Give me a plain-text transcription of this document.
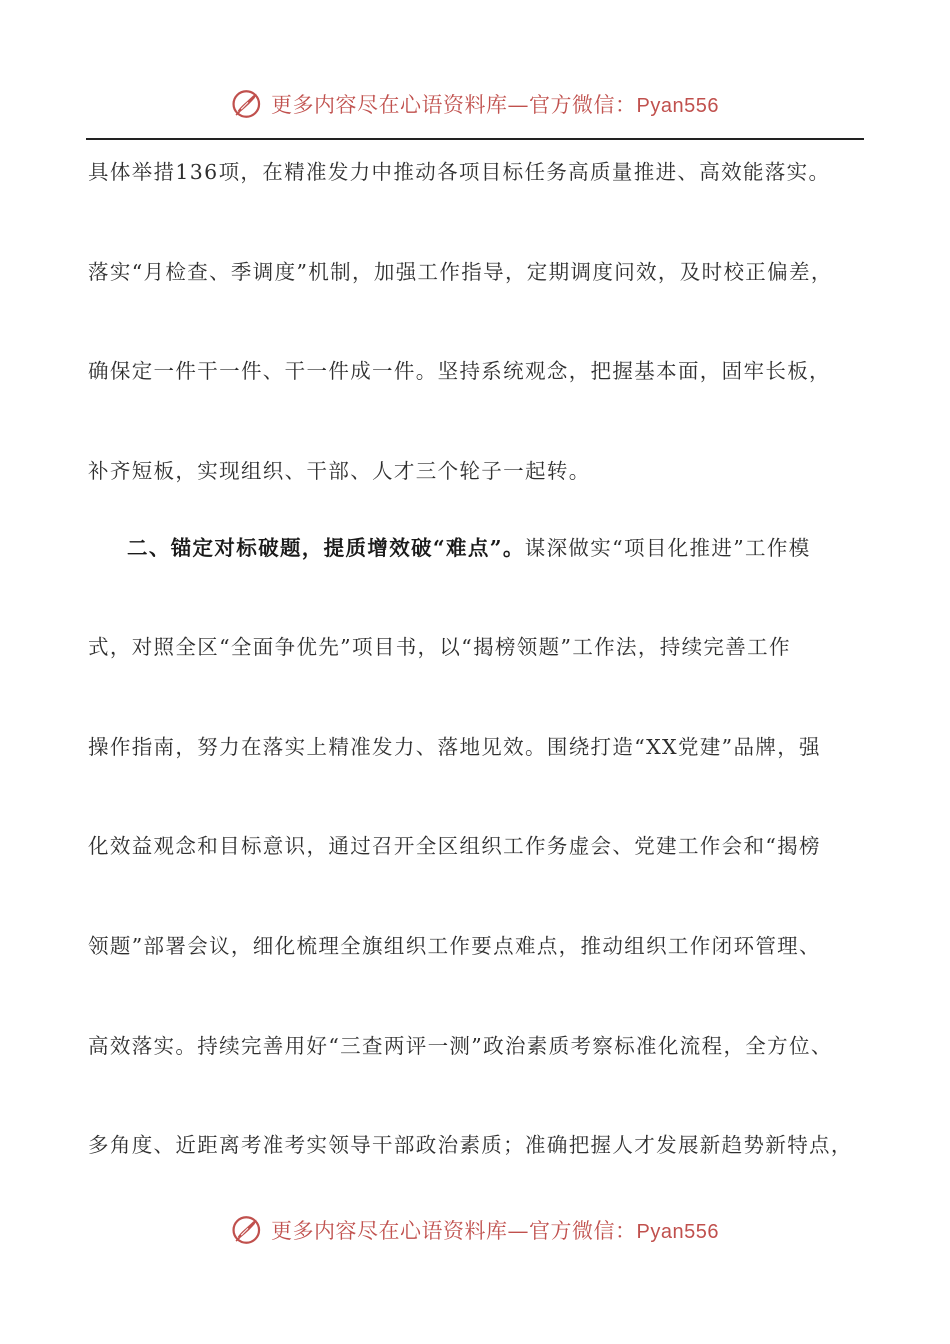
更多内容尽在心语资料库—官方微信：Pyan556
具体举措136项，在精准发力中推动各项目标任务高质量推进、高效能落实。
落实“月检查、季调度”机制，加强工作指导，定期调度问效，及时校正偏差，
确保定一件干一件、干一件成一件。坚持系统观念，把握基本面，固牢长板，
补齐短板，实现组织、干部、人才三个轮子一起转。
二、锚定对标破题，提质增效破“难点”。谋深做实“项目化推进”工作模
式，对照全区“全面争优先”项目书，以“揭榜领题”工作法，持续完善工作
操作指南，努力在落实上精准发力、落地见效。围绕打造“XX党建”品牌，强
化效益观念和目标意识，通过召开全区组织工作务虚会、党建工作会和“揭榜
领题”部署会议，细化梳理全旗组织工作要点难点，推动组织工作闭环管理、
高效落实。持续完善用好“三查两评一测”政治素质考察标准化流程，全方位、
多角度、近距离考准考实领导干部政治素质；准确把握人才发展新趋势新特点，
更多内容尽在心语资料库—官方微信：Pyan556
